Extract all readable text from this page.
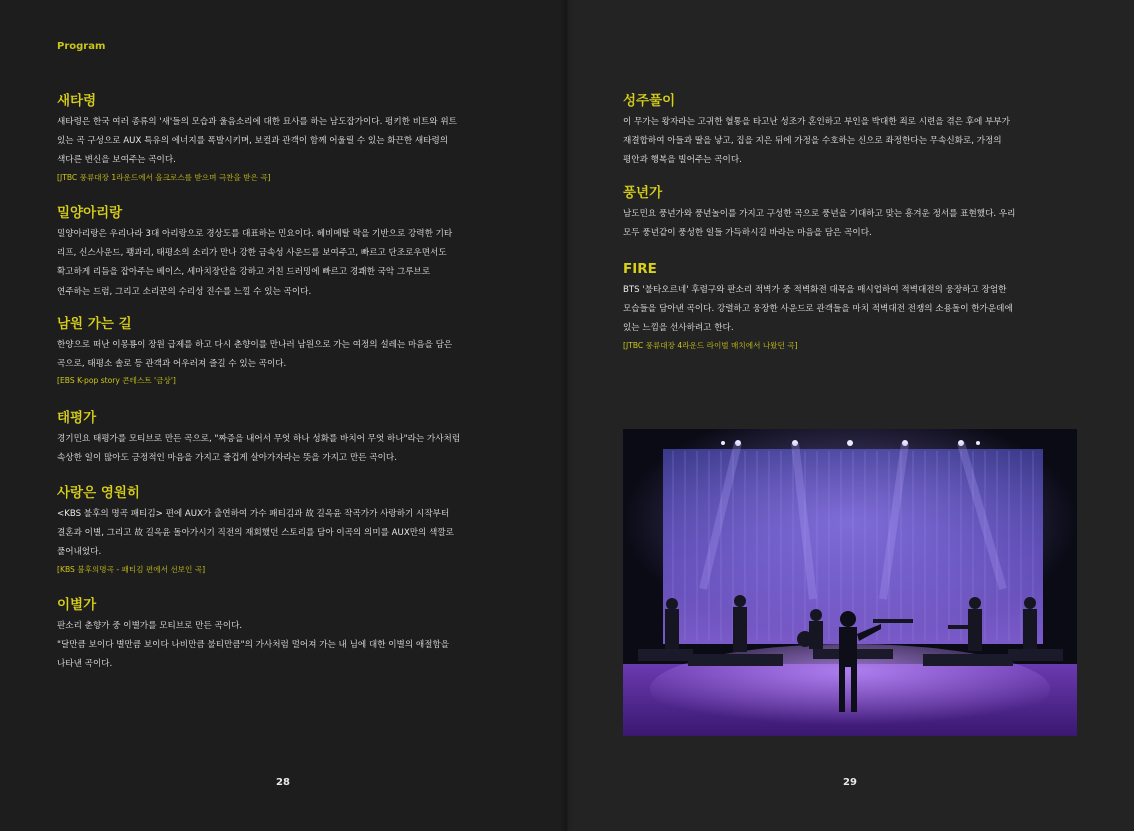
Program
새타령

새타령은 한국 여러 종류의 '새'들의 모습과 울음소리에 대한 묘사를 하는 남도잡가이다. 펑키한 비트와 위트
있는 곡 구성으로 AUX 특유의 에너지를 폭발시키며, 보컬과 관객이 함께 어울릴 수 있는 화끈한 새타령의
색다른 변신을 보여주는 곡이다.

[JTBC 풍류대장 1라운드에서 올크로스를 받으며 극찬을 받은 곡]

밀양아리랑

밀양아리랑은 우리나라 3대 아리랑으로 경상도를 대표하는 민요이다. 헤비메탈 락을 기반으로 강력한 기타
리프, 신스사운드, 꽹과리, 태평소의 소리가 만나 강한 금속성 사운드를 보여주고, 빠르고 단조로우면서도
확고하게 리듬을 잡아주는 베이스, 세마치장단을 강하고 거친 드러밍에 빠르고 경쾌한 국악 그루브로
연주하는 드럼, 그리고 소리꾼의 수리성 진수를 느낄 수 있는 곡이다.

남원 가는 길

한양으로 떠난 이몽룡이 장원 급제를 하고 다시 춘향이를 만나러 남원으로 가는 여정의 설레는 마음을 담은
곡으로, 태평소 솔로 등 관객과 어우러져 즐길 수 있는 곡이다.

[EBS K-pop story 콘테스트 '금상']

태평가

경기민요 태평가를 모티브로 만든 곡으로, "짜증을 내어서 무엇 하나 성화를 바치어 무엇 하나"라는 가사처럼
속상한 일이 많아도 긍정적인 마음을 가지고 즐겁게 살아가자라는 뜻을 가지고 만든 곡이다.

사랑은 영원히

<KBS 불후의 명곡 패티김> 편에 AUX가 출연하여 가수 패티김과 故 길옥윤 작곡가가 사랑하기 시작부터
결혼과 이별, 그리고 故 길옥윤 돌아가시기 직전의 재회했던 스토리를 담아 이곡의 의미를 AUX만의 색깔로
풀어내었다.

[KBS 불후의명곡 - 패티김 편에서 선보인 곡]

이별가

판소리 춘향가 중 이별가를 모티브로 만든 곡이다.
"달만큼 보이다 별만큼 보이다 나비만큼 불티만큼"의 가사처럼 멀어져 가는 내 님에 대한 이별의 애절함을
나타낸 곡이다.

성주풀이

이 무가는 왕자라는 고귀한 혈통을 타고난 성조가 혼인하고 부인을 박대한 죄로 시련을 겪은 후에 부부가
재결합하여 아들과 딸을 낳고, 집을 지은 뒤에 가정을 수호하는 신으로 좌정한다는 무속신화로, 가정의
평안과 행복을 빌어주는 곡이다.

풍년가

남도민요 풍년가와 풍년놀이를 가지고 구성한 곡으로 풍년을 기대하고 맞는 흥겨운 정서를 표현했다. 우리
모두 풍년같이 풍성한 일들 가득하시길 바라는 마음을 담은 곡이다.

FIRE

BTS '불타오르네' 후렴구와 판소리 적벽가 중 적벽화전 대목을 매시업하여 적벽대전의 웅장하고 장엄한
모습들을 담아낸 곡이다. 강렬하고 웅장한 사운드로 관객들을 마치 적벽대전 전쟁의 소용돌이 한가운데에
있는 느낌을 선사하려고 한다.

[JTBC 풍류대장 4라운드 라이벌 매치에서 나왔던 곡]

28	29
